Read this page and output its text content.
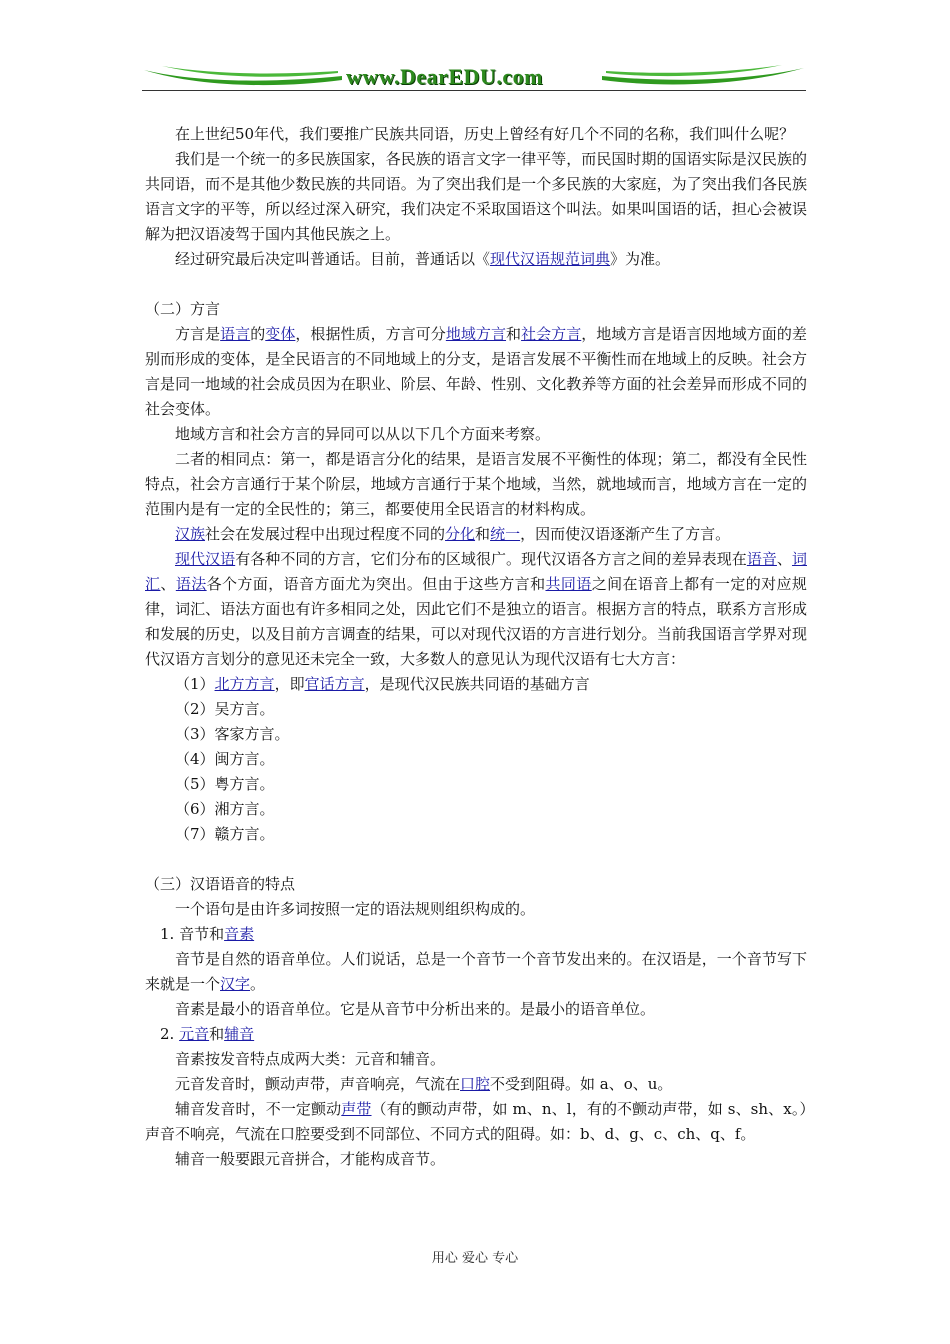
www.DearEDU.com

在上世纪50年代，我们要推广民族共同语，历史上曾经有好几个不同的名称，我们叫什么呢？

我们是一个统一的多民族国家，各民族的语言文字一律平等，而民国时期的国语实际是汉民族的共同语，而不是其他少数民族的共同语。为了突出我们是一个多民族的大家庭，为了突出我们各民族语言文字的平等，所以经过深入研究，我们决定不采取国语这个叫法。如果叫国语的话，担心会被误解为把汉语凌驾于国内其他民族之上。

经过研究最后决定叫普通话。目前，普通话以《现代汉语规范词典》为准。

（二）方言

方言是语言的变体，根据性质，方言可分地域方言和社会方言，地域方言是语言因地域方面的差别而形成的变体，是全民语言的不同地域上的分支，是语言发展不平衡性而在地域上的反映。社会方言是同一地域的社会成员因为在职业、阶层、年龄、性别、文化教养等方面的社会差异而形成不同的社会变体。

地域方言和社会方言的异同可以从以下几个方面来考察。

二者的相同点：第一，都是语言分化的结果，是语言发展不平衡性的体现；第二，都没有全民性特点，社会方言通行于某个阶层，地域方言通行于某个地域，当然，就地域而言，地域方言在一定的范围内是有一定的全民性的；第三，都要使用全民语言的材料构成。

汉族社会在发展过程中出现过程度不同的分化和统一，因而使汉语逐渐产生了方言。

现代汉语有各种不同的方言，它们分布的区域很广。现代汉语各方言之间的差异表现在语音、词汇、语法各个方面，语音方面尤为突出。但由于这些方言和共同语之间在语音上都有一定的对应规律，词汇、语法方面也有许多相同之处，因此它们不是独立的语言。根据方言的特点，联系方言形成和发展的历史，以及目前方言调查的结果，可以对现代汉语的方言进行划分。当前我国语言学界对现代汉语方言划分的意见还未完全一致，大多数人的意见认为现代汉语有七大方言：

（1）北方方言，即官话方言，是现代汉民族共同语的基础方言

（2）吴方言。

（3）客家方言。

（4）闽方言。

（5）粤方言。

（6）湘方言。

（7）赣方言。

（三）汉语语音的特点

一个语句是由许多词按照一定的语法规则组织构成的。

1. 音节和音素

音节是自然的语音单位。人们说话，总是一个音节一个音节发出来的。在汉语是，一个音节写下来就是一个汉字。

音素是最小的语音单位。它是从音节中分析出来的。是最小的语音单位。

2. 元音和辅音

音素按发音特点成两大类：元音和辅音。

元音发音时，颤动声带，声音响亮，气流在口腔不受到阻碍。如 a、o、u。

辅音发音时，不一定颤动声带（有的颤动声带，如 m、n、l，有的不颤动声带，如 s、sh、x。）声音不响亮，气流在口腔要受到不同部位、不同方式的阻碍。如：b、d、g、c、ch、q、f。

辅音一般要跟元音拼合，才能构成音节。

用心 爱心 专心
